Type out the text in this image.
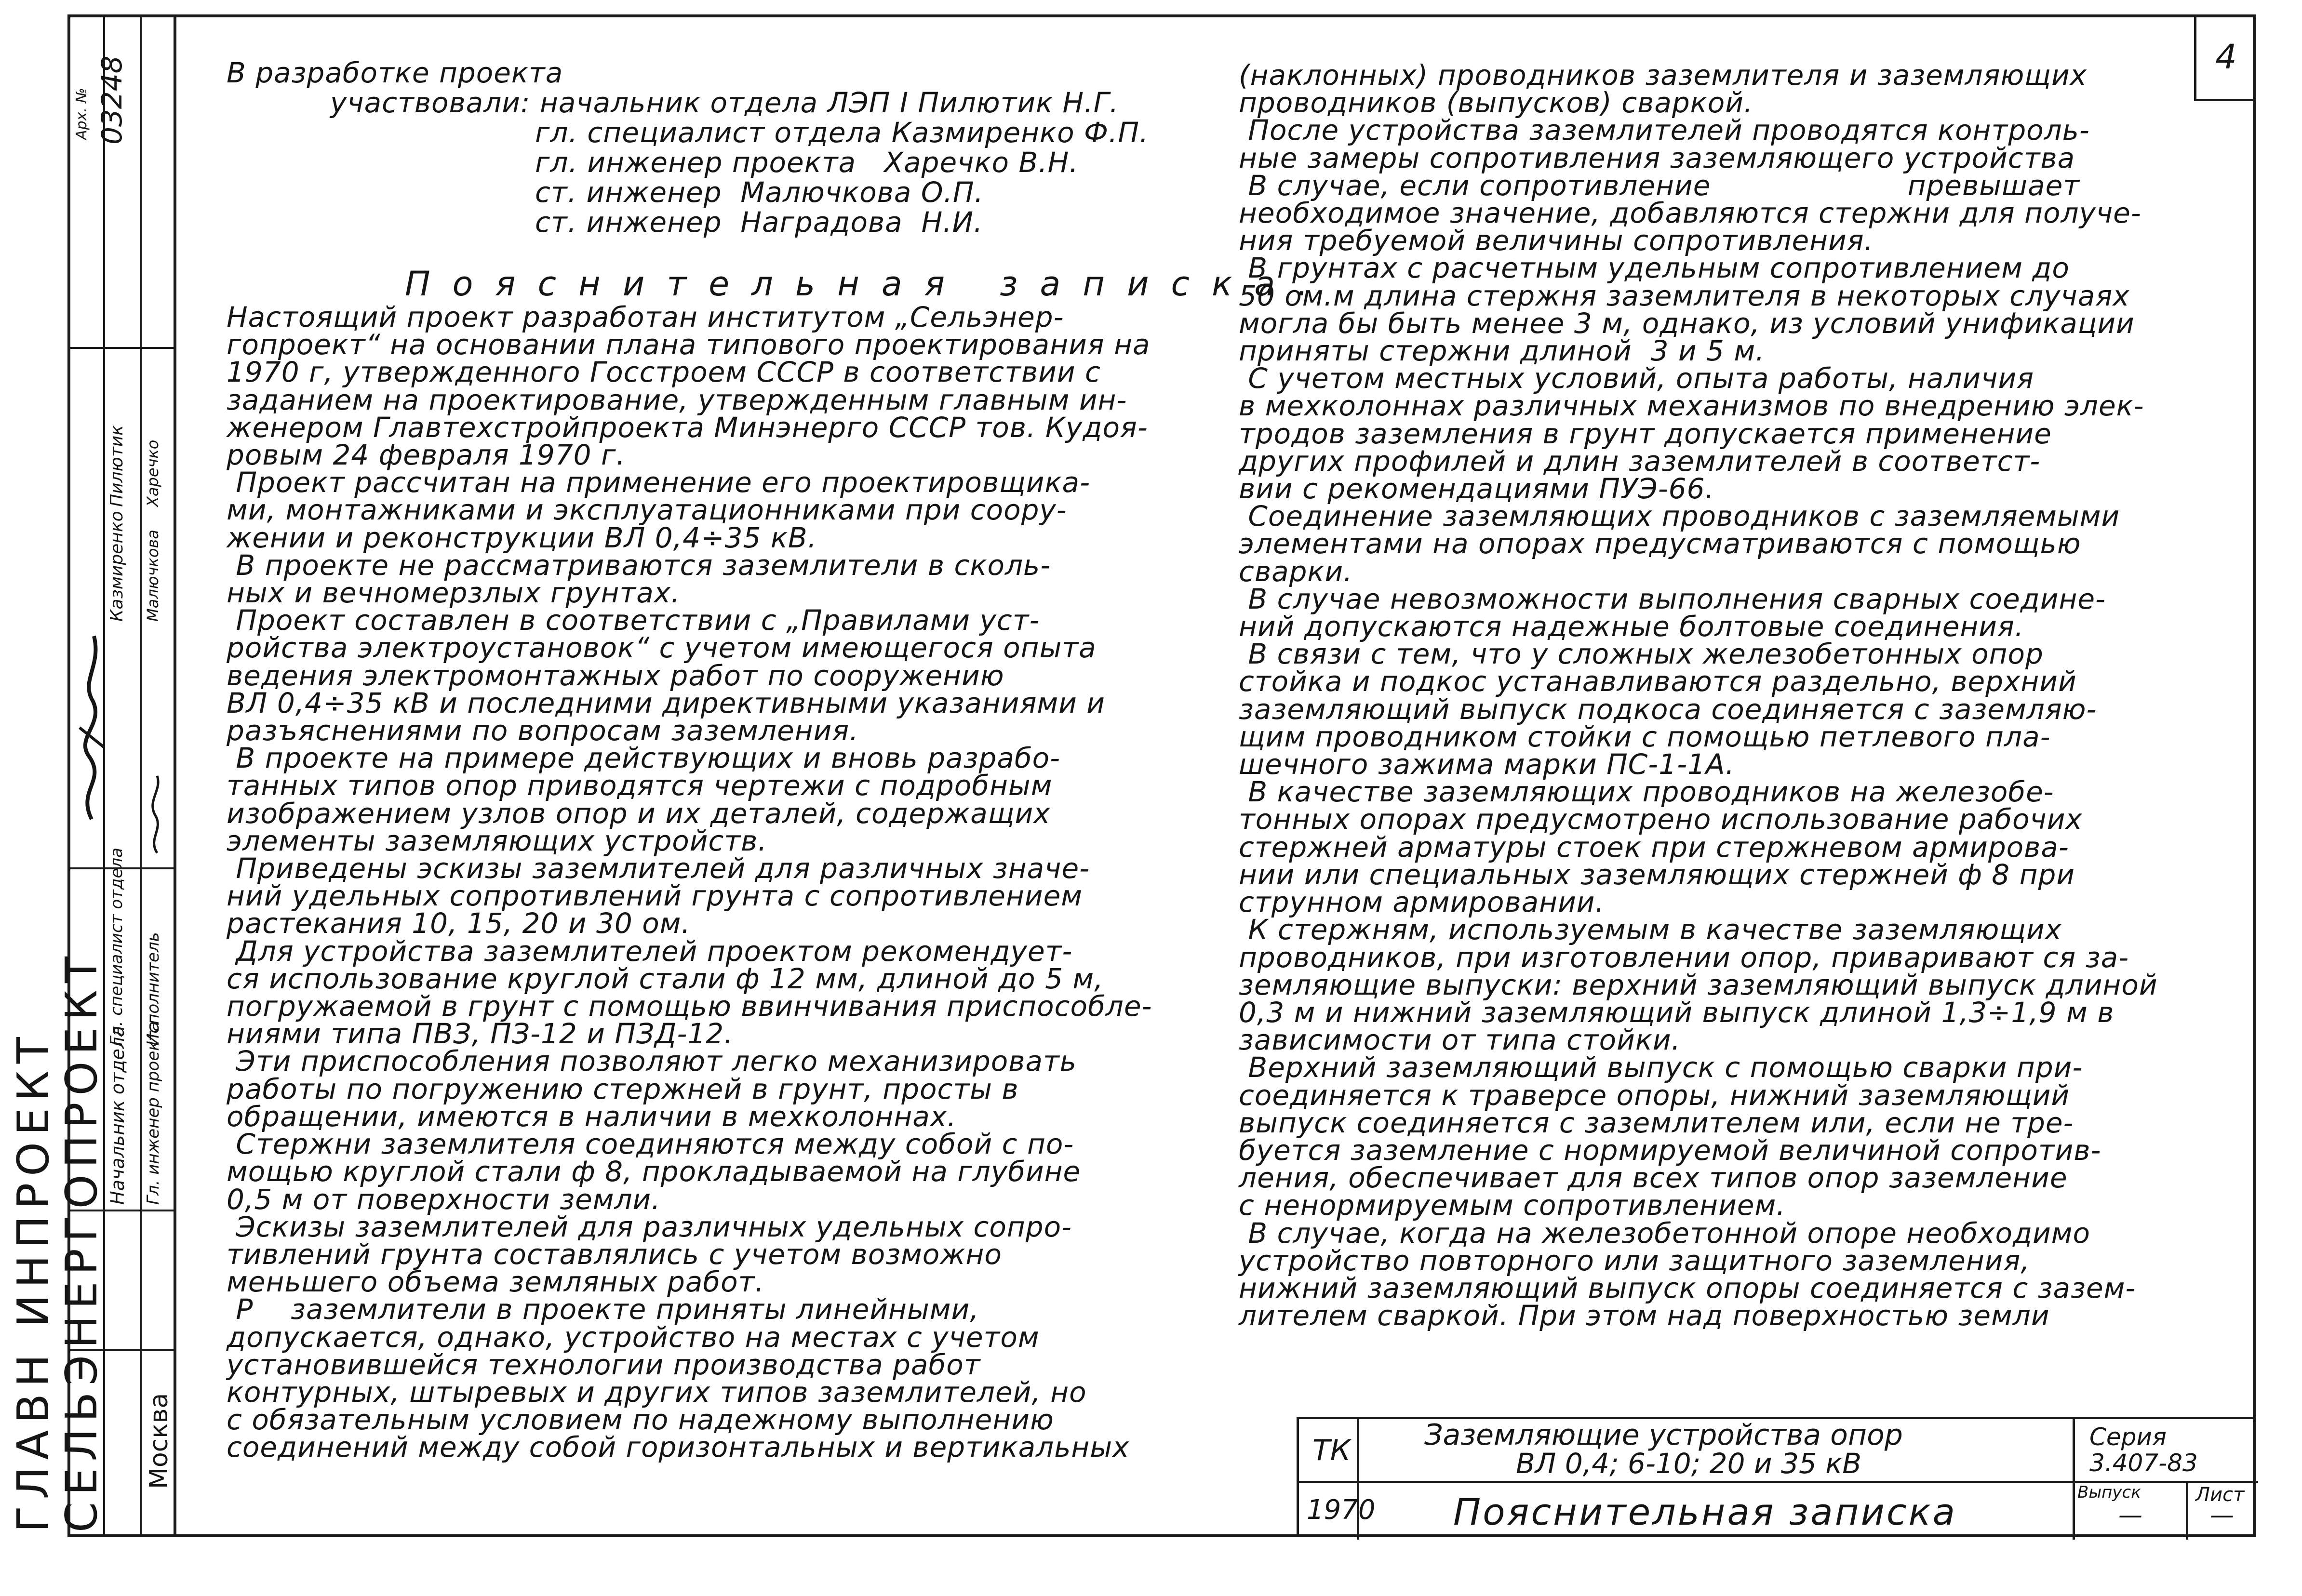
Арх. № 03248
Пилютик
Казмиренко
Харечко
Малючкова
Начальник отдела
Гл. специалист отдела
Гл. инженер проекта
Исполнитель
ГЛАВН ИНПРОЕКТ
СЕЛЬЭНЕРГОПРОЕКТ Москва
4

В разработке проекта

участвовали: начальник отдела ЛЭП I Пилютик Н.Г.

гл. специалист отдела Казмиренко Ф.П.

гл. инженер проекта   Харечко В.Н.

ст. инженер  Малючкова О.П.

ст. инженер  Наградова  Н.И.

Пояснительная записка.

Настоящий проект разработан институтом „Сельэнер-

гопроект“ на основании плана типового проектирования на

1970 г, утвержденного Госстроем СССР в соответствии с

заданием на проектирование, утвержденным главным ин-

женером Главтехстройпроекта Минэнерго СССР тов. Кудоя-

ровым 24 февраля 1970 г.

Проект рассчитан на применение его проектировщика-

ми, монтажниками и эксплуатационниками при соору-

жении и реконструкции ВЛ 0,4÷35 кВ.

В проекте не рассматриваются заземлители в сколь-

ных и вечномерзлых грунтах.

Проект составлен в соответствии с „Правилами уст-

ройства электроустановок“ с учетом имеющегося опыта

ведения электромонтажных работ по сооружению

ВЛ 0,4÷35 кВ и последними директивными указаниями и

разъяснениями по вопросам заземления.

В проекте на примере действующих и вновь разрабо-

танных типов опор приводятся чертежи с подробным

изображением узлов опор и их деталей, содержащих

элементы заземляющих устройств.

Приведены эскизы заземлителей для различных значе-

ний удельных сопротивлений грунта с сопротивлением

растекания 10, 15, 20 и 30 ом.

Для устройства заземлителей проектом рекомендует-

ся использование круглой стали ф 12 мм, длиной до 5 м,

погружаемой в грунт с помощью ввинчивания приспособле-

ниями типа ПВЗ, ПЗ-12 и ПЗД-12.

Эти приспособления позволяют легко механизировать

работы по погружению стержней в грунт, просты в

обращении, имеются в наличии в мехколоннах.

Стержни заземлителя соединяются между собой с по-

мощью круглой стали ф 8, прокладываемой на глубине

0,5 м от поверхности земли.

Эскизы заземлителей для различных удельных сопро-

тивлений грунта составлялись с учетом возможно

меньшего объема земляных работ.

Р    заземлители в проекте приняты линейными,

допускается, однако, устройство на местах с учетом

установившейся технологии производства работ

контурных, штыревых и других типов заземлителей, но

с обязательным условием по надежному выполнению

соединений между собой горизонтальных и вертикальных

(наклонных) проводников заземлителя и заземляющих

проводников (выпусков) сваркой.

После устройства заземлителей проводятся контроль-

ные замеры сопротивления заземляющего устройства

В случае, если сопротивление                     превышает

необходимое значение, добавляются стержни для получе-

ния требуемой величины сопротивления.

В грунтах с расчетным удельным сопротивлением до

50 ом.м длина стержня заземлителя в некоторых случаях

могла бы быть менее 3 м, однако, из условий унификации

приняты стержни длиной  3 и 5 м.

С учетом местных условий, опыта работы, наличия

в мехколоннах различных механизмов по внедрению элек-

тродов заземления в грунт допускается применение

других профилей и длин заземлителей в соответст-

вии с рекомендациями ПУЭ-66.

Соединение заземляющих проводников с заземляемыми

элементами на опорах предусматриваются с помощью

сварки.

В случае невозможности выполнения сварных соедине-

ний допускаются надежные болтовые соединения.

В связи с тем, что у сложных железобетонных опор

стойка и подкос устанавливаются раздельно, верхний

заземляющий выпуск подкоса соединяется с заземляю-

щим проводником стойки с помощью петлевого пла-

шечного зажима марки ПС-1-1А.

В качестве заземляющих проводников на железобе-

тонных опорах предусмотрено использование рабочих

стержней арматуры стоек при стержневом армирова-

нии или специальных заземляющих стержней ф 8 при

струнном армировании.

К стержням, используемым в качестве заземляющих

проводников, при изготовлении опор, приваривают ся за-

земляющие выпуски: верхний заземляющий выпуск длиной

0,3 м и нижний заземляющий выпуск длиной 1,3÷1,9 м в

зависимости от типа стойки.

Верхний заземляющий выпуск с помощью сварки при-

соединяется к траверсе опоры, нижний заземляющий

выпуск соединяется с заземлителем или, если не тре-

буется заземление с нормируемой величиной сопротив-

ления, обеспечивает для всех типов опор заземление

с ненормируемым сопротивлением.

В случае, когда на железобетонной опоре необходимо

устройство повторного или защитного заземления,

нижний заземляющий выпуск опоры соединяется с зазем-

лителем сваркой. При этом над поверхностью земли

ТК	Заземляющие устройства опор
ВЛ 0,4; 6-10; 20 и 35 кВ
Серия
3.407-83
1970 Пояснительная записка	Выпуск
—
Лист
—
